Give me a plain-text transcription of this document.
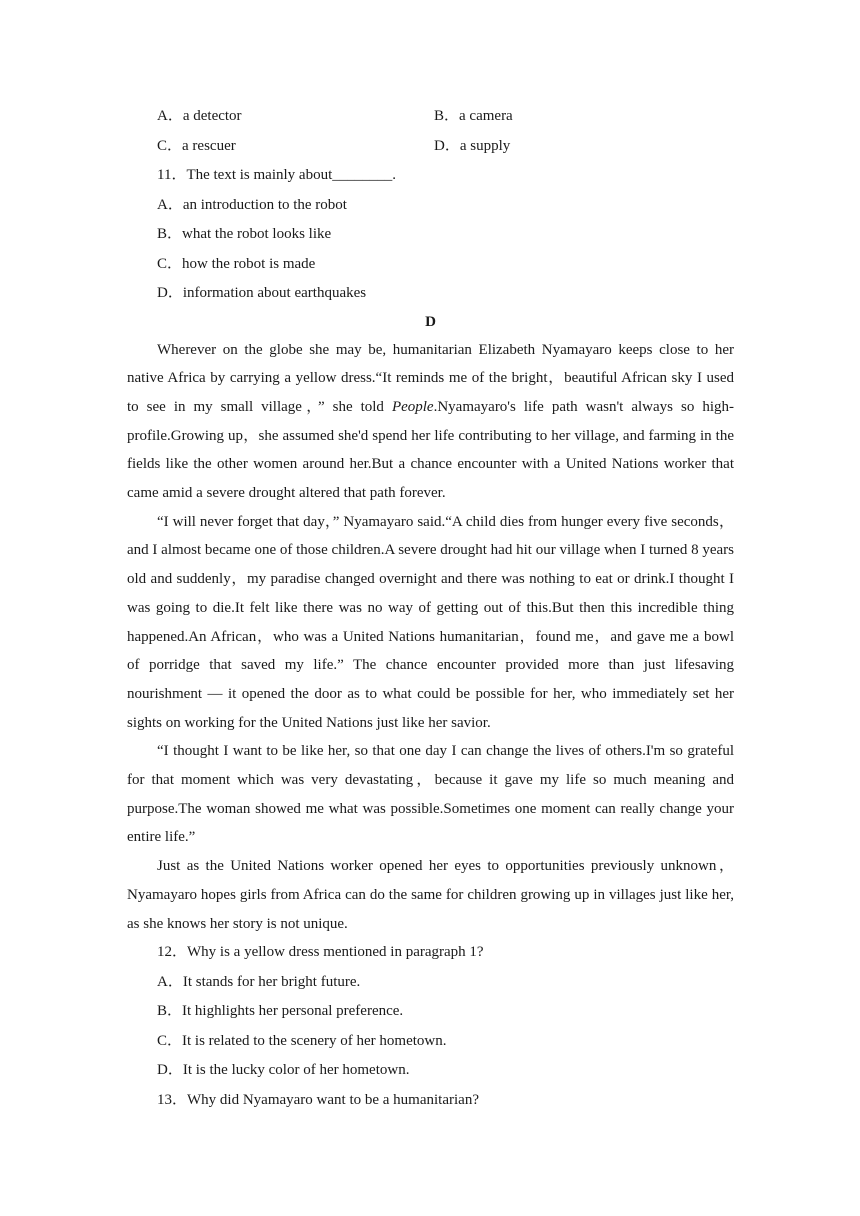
A．a detector	B．a camera
C．a rescuer	D．a supply
11．The text is mainly about________.
A．an introduction to the robot
B．what the robot looks like
C．how the robot is made
D．information about earthquakes
D

Wherever on the globe she may be, humanitarian Elizabeth Nyamayaro keeps close to her native Africa by carrying a yellow dress.“It reminds me of the bright，beautiful African sky I used to see in my small village，” she told People.Nyamayaro's life path wasn't always so high-profile.Growing up，she assumed she'd spend her life contributing to her village, and farming in the fields like the other women around her.But a chance encounter with a United Nations worker that came amid a severe drought altered that path forever.

“I will never forget that day，” Nyamayaro said.“A child dies from hunger every five seconds，and I almost became one of those children.A severe drought had hit our village when I turned 8 years old and suddenly，my paradise changed overnight and there was nothing to eat or drink.I thought I was going to die.It felt like there was no way of getting out of this.But then this incredible thing happened.An African，who was a United Nations humanitarian，found me，and gave me a bowl of porridge that saved my life.” The chance encounter provided more than just lifesaving nourishment — it opened the door as to what could be possible for her, who immediately set her sights on working for the United Nations just like her savior.

“I thought I want to be like her, so that one day I can change the lives of others.I'm so grateful for that moment which was very devastating，because it gave my life so much meaning and purpose.The woman showed me what was possible.Sometimes one moment can really change your entire life.”

Just as the United Nations worker opened her eyes to opportunities previously unknown，Nyamayaro hopes girls from Africa can do the same for children growing up in villages just like her, as she knows her story is not unique.

12．Why is a yellow dress mentioned in paragraph 1?
A．It stands for her bright future.
B．It highlights her personal preference.
C．It is related to the scenery of her hometown.
D．It is the lucky color of her hometown.
13．Why did Nyamayaro want to be a humanitarian?
